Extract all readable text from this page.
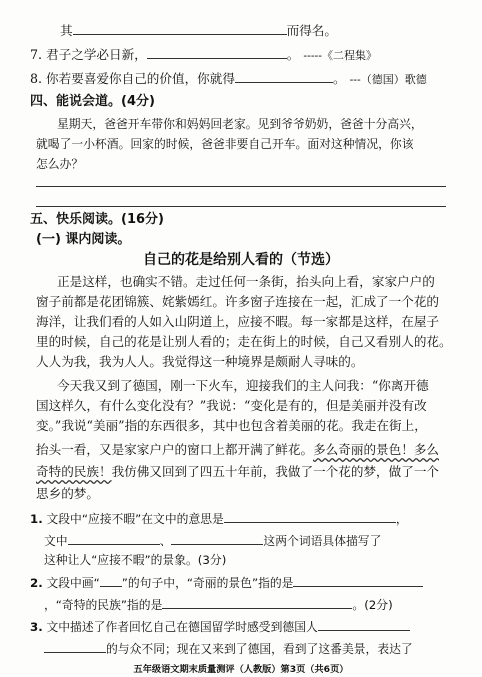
其	而得名。
7. 君子之学必日新，	。 -----《二程集》
8. 你若要喜爱你自己的价值，你就得	。 ---（德国）歌德
四、能说会道。(4分)
星期天，爸爸开车带你和妈妈回老家。见到爷爷奶奶，爸爸十分高兴，
就喝了一小杯酒。回家的时候，爸爸非要自己开车。面对这种情况，你该
怎么办？
五、快乐阅读。(16分)
(一) 课内阅读。
自己的花是给别人看的（节选）
正是这样，也确实不错。走过任何一条街，抬头向上看，家家户户的
窗子前都是花团锦簇、姹紫嫣红。许多窗子连接在一起，汇成了一个花的
海洋，让我们看的人如入山阴道上，应接不暇。每一家都是这样，在屋子
里的时候，自己的花是让别人看的；走在街上的时候，自己又看别人的花。
人人为我，我为人人。我觉得这一种境界是颇耐人寻味的。
今天我又到了德国，刚一下火车，迎接我们的主人问我：“你离开德
国这样久，有什么变化没有？”我说：“变化是有的，但是美丽并没有改
变。”我说“美丽”指的东西很多，其中也包含着美丽的花。我走在街上，
抬头一看，又是家家户户的窗口上都开满了鲜花。多么奇丽的景色！多么
奇特的民族！我仿佛又回到了四五十年前，我做了一个花的梦，做了一个
思乡的梦。
1. 文段中“应接不暇”在文中的意思是	，
文中	、	这两个词语具体描写了
这种让人“应接不暇”的景象。(3分)
2. 文段中画“ ”的句子中，“奇丽的景色”指的是
，“奇特的民族”指的是	。(2分)
3. 文中描述了作者回忆自己在德国留学时感受到德国人
的与众不同；现在又来到了德国，看到了这番美景，表达了
五年级语文期末质量测评（人教版）第3页（共6页）
